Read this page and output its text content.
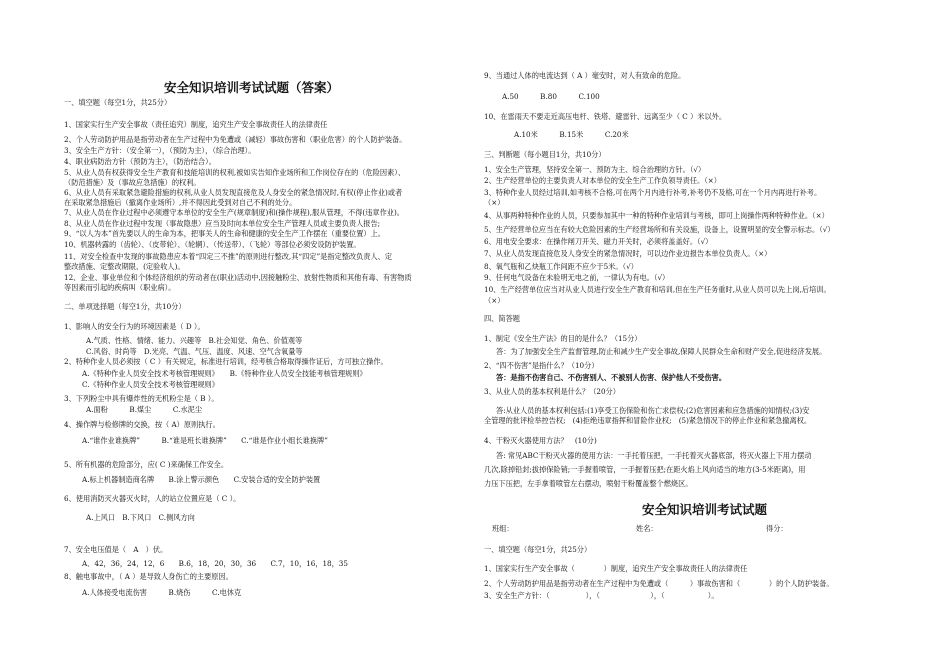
安全知识培训考试试题（答案）
一、填空题（每空1分，共25分）
1、国家实行生产安全事故（责任追究）制度，追究生产安全事故责任人的法律责任
2、个人劳动防护用品是指劳动者在生产过程中为免遭或（减轻）事故伤害和（职业危害）的个人防护装备。
3、安全生产方针：（安全第一），（预防为主），（综合治理）。
4、职业病防治方针（预防为主），（防治结合）。
5、从业人员有权获得安全生产教育和技能培训的权利,被如实告知作业场所和工作岗位存在的（危险因素）、
（防范措施）及（事故应急措施）的权利。
6、从业人员有采取紧急避险措施的权利,从业人员发现直接危及人身安全的紧急情况时,有权(停止作业)或者
在采取紧急措施后（撤离作业场所）,并不得因此受到对自己不利的处分。
7、从业人员在作业过程中必须遵守本单位的安全生产(规章制度)和(操作规程),服从管理，不得(违章作业)。
8、从业人员在作业过程中发现（事故隐患）应当及时向本单位安全生产管理人员或主要负责人报告;
9、“以人为本”首先要以人的生命为本，把事关人的生命和健康的安全生产工作摆在（重要位置）上。
10、机器转露的（齿轮）、（皮带轮）、（轮辋）、（传送带）、（飞轮）等部位必须安设防护装置。
11、对安全检查中发现的事故隐患应本着“四定三不推”的原则进行整改,其“四定”是指定整改负责人、定
整改措施、定整改期限、(定验收人)。
12、企业、事业单位和个体经济组织的劳动者在(职业)活动中,因接触粉尘、放射性物质和其他有毒、有害物质
等因素而引起的疾病叫（职业病）。
二、单项选择题（每空1分，共10分）
1、影响人的安全行为的环境因素是（ D ）。
A.气质、性格、情绪、能力、兴趣等　B.社会知觉、角色、价值观等
C.风俗、时尚等　D.光亮、气温、气压、温度、风速、空气含氧量等
2、特种作业人员必须按（ C ）有关规定，标准进行培训，经考核合格取得操作证后，方可独立操作。
A.《特种作业人员安全技术考核管理规则》　　B.《特种作业人员安全技能考核管理规则》
C.《特种作业人员安全技术考核管理规则》
3、下列粉尘中具有爆炸性的无机粉尘是（ B ）。
A.面粉　　　B.煤尘　　　C.水泥尘
4、操作牌与检修牌的交换，按（ A）原则执行。
A.“谁作业谁换牌”　　　B.“谁是班长谁换牌”　　C.“谁是作业小组长谁换牌”
5、所有机器的危险部分，应( C )来确保工作安全。
A.标上机器制造商名牌　　B.涂上警示颜色　　C.安装合适的安全防护装置
6、使用消防灭火器灭火时，人的站立位置应是（ C ）。
A.上风口　B.下风口　C.侧风方向
7、安全电压值是（　A　）伏。
A．42，36，24，12，6　　B.6，18，20，30，36　　C.7，10，16，18，35
8、触电事故中，（ A ）是导致人身伤亡的主要原因。
A.人体接受电流伤害　　　B.烧伤　　　C.电休克
9、当通过人体的电流达到（ A ）毫安时，对人有致命的危险。
A.50　　　B.80　　　C.100
10、在雷雨天不要走近高压电杆、铁塔、避雷针、远离至少（ C ）米以外。
A.10米　　　B.15米　　　C.20米
三、判断题（每小题目1分，共10分）
1、安全生产管理，坚持安全第一、预防为主、综合治理的方针。（√）
2、生产经营单位的主要负责人对本单位的安全生产工作负领导责任。（×）
3、特种作业人员经过培训,如考核不合格,可在两个月内进行补考,补考仍不及格,可在一个月内再进行补考。
（×）
4、从事两种特种作业的人员，只要参加其中一种的特种作业培训与考核，即可上岗操作两种特种作业。（×）
5、生产经营单位应当在有较大危险因素的生产经营场所和有关设施，设备上，设置明显的安全警示标志。（√）
6、用电安全要求：在操作闸刀开关、磁力开关时，必须将盖盖好。（√）
7、从业人员发现直接危及人身安全的紧急情况时，可以边作业边报告本单位负责人。（×）
8、氧气瓶和乙炔瓶工作间距不应少于5米。（√）
9、任何电气设备在未验明无电之前，一律认为有电。（√）
10、生产经营单位应当对从业人员进行安全生产教育和培训,但在生产任务重时,从业人员可以先上岗,后培训。
（×）
四、简答题
1、制定《安全生产法》的目的是什么？（15分）
答：为了加强安全生产监督管理,防止和减少生产安全事故,保障人民群众生命和财产安全,促进经济发展。
2、“四不伤害”是指什么？（10分）
答：是指不伤害自己、不伤害别人、不被别人伤害、保护他人不受伤害。
3、从业人员的基本权利是什么？（20分）
答:从业人员的基本权利包括:(1)享受工伤保险和伤亡求偿权;(2)危害因素和应急措施的知情权;(3)安
全管理的批评检举控告权;　(4)拒绝违章指挥和冒险作业权;　(5)紧急情况下的停止作业和紧急撤离权。
4、干粉灭火器使用方法？　(10分)
答: 常见ABC干粉灭火器的使用方法：一手托着压把，一手托着灭火器底部，将灭火器上下用力摆动
几次,除掉铅封;拔掉保险销;一手握着喷管，一手握着压把;在距火焰上风向适当的地方(3-5米距离)，用
力压下压把，左手拿着喷管左右摆动，喷射干粉覆盖整个燃烧区。
安全知识培训考试试题
班组：	姓名：	得分：
一、填空题（每空1分，共25分）
1、国家实行生产安全事故（　　　　）制度，追究生产安全事故责任人的法律责任
2、个人劳动防护用品是指劳动者在生产过程中为免遭或（　　　）事故伤害和（　　　　）的个人防护装备。
3、安全生产方针：（　　　　　），（　　　　　　　），（　　　　　　）。
